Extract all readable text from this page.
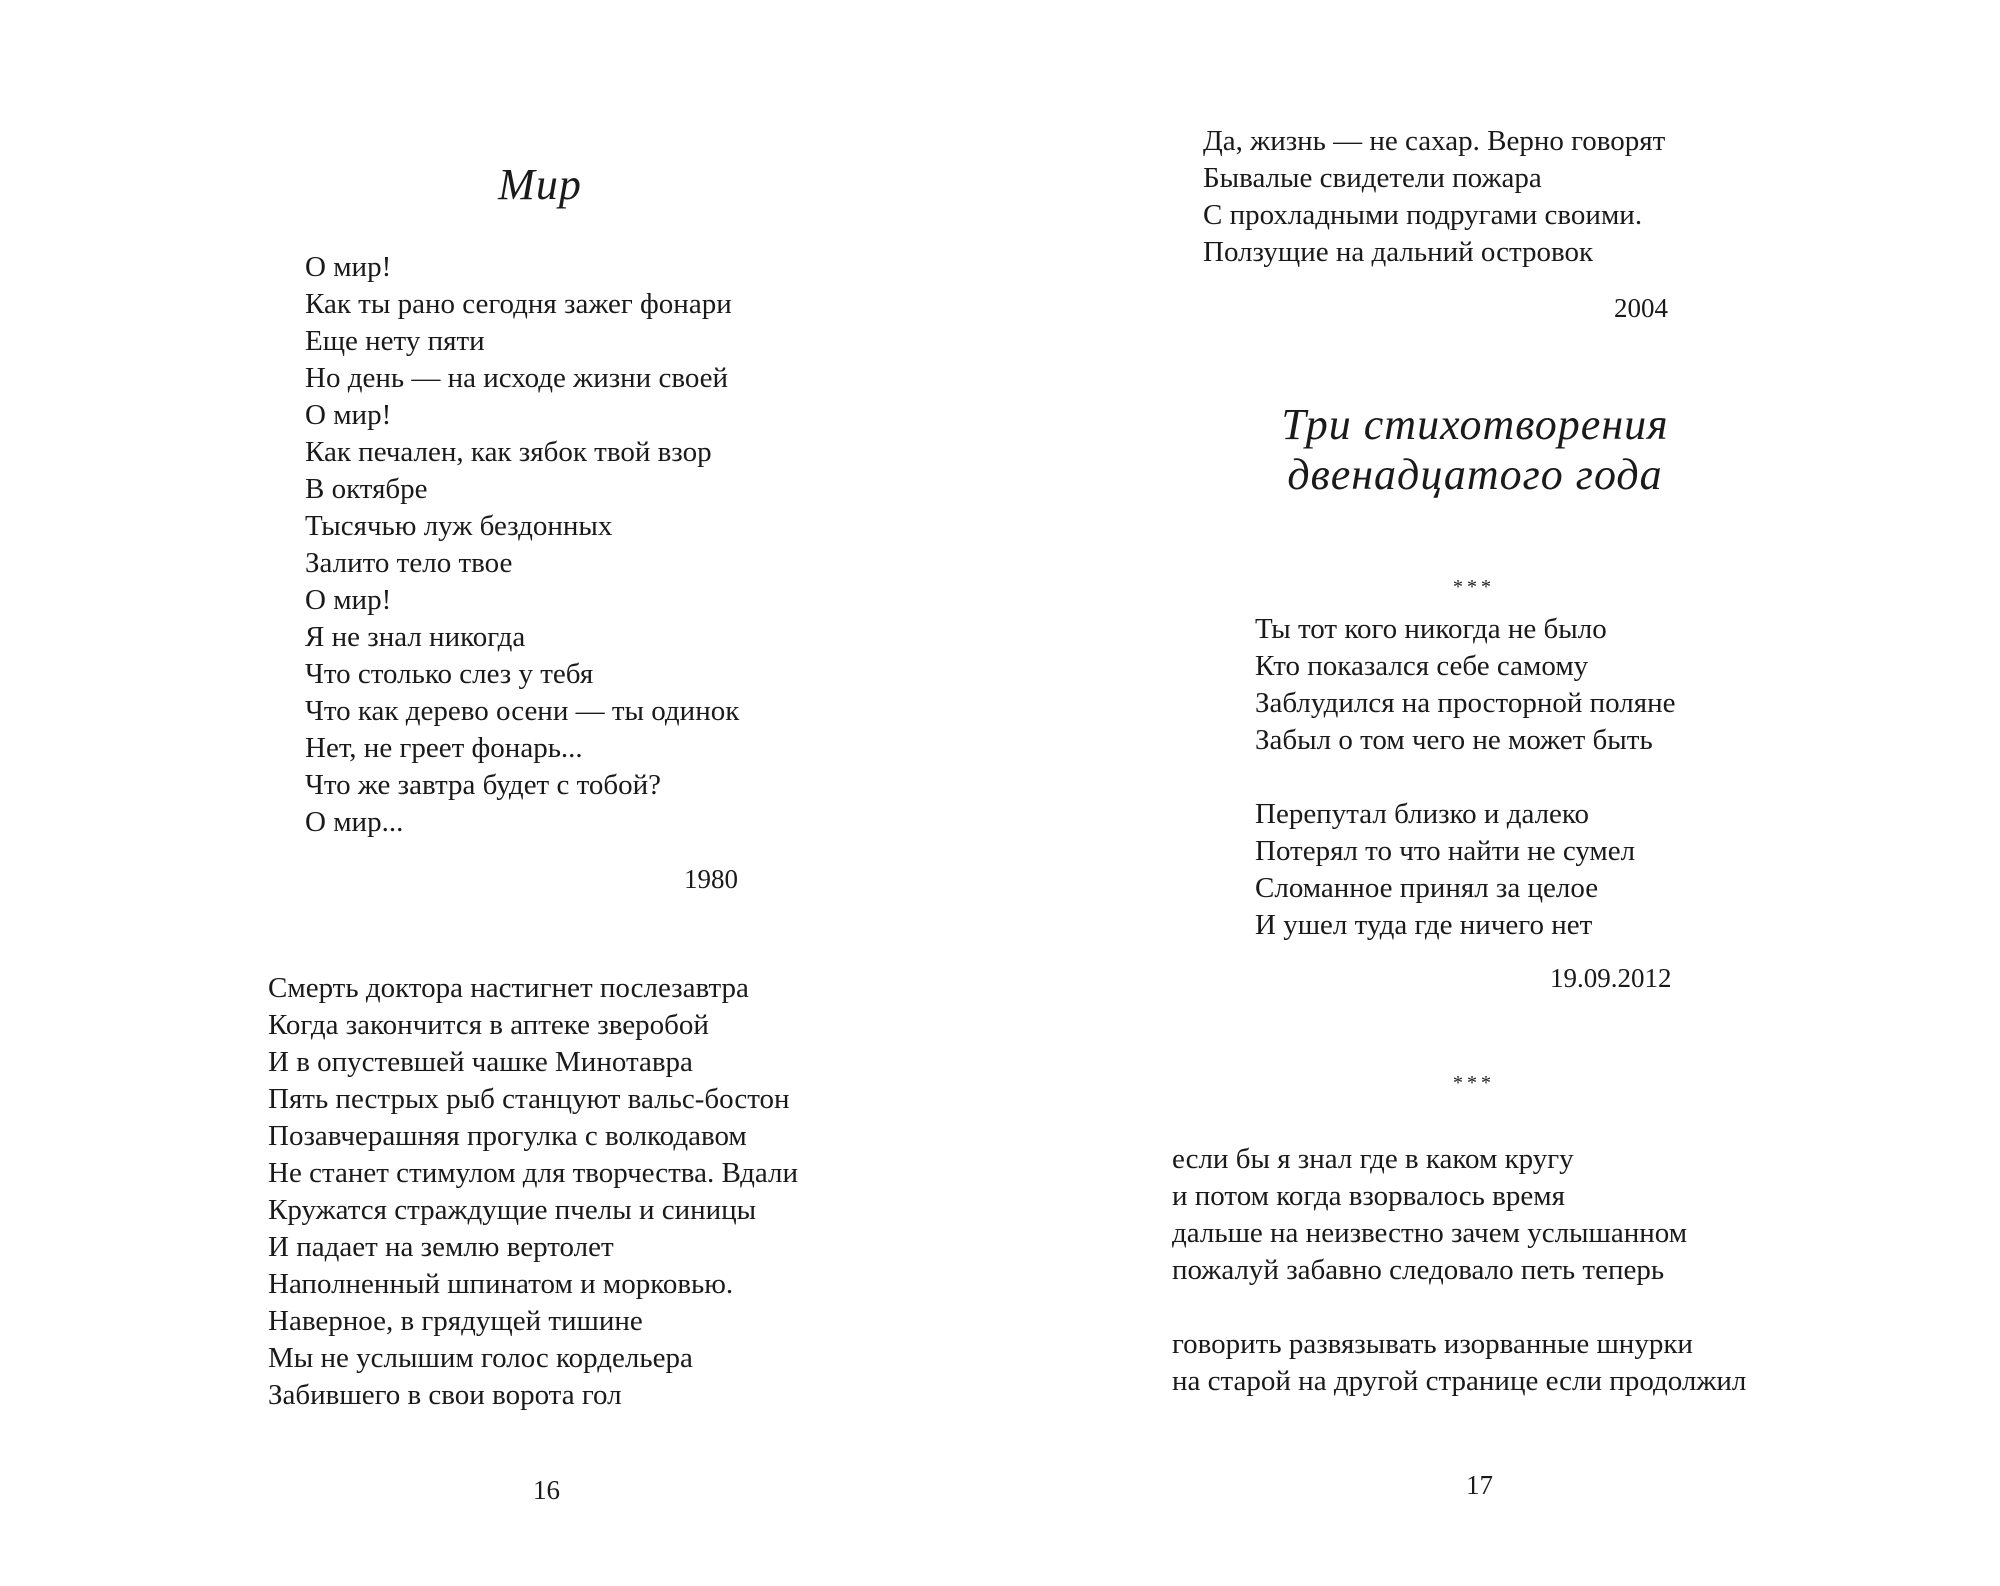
Мир
О мир!
Как ты рано сегодня зажег фонари
Еще нету пяти
Но день — на исходе жизни своей
О мир!
Как печален, как зябок твой взор
В октябре
Тысячью луж бездонных
Залито тело твое
О мир!
Я не знал никогда
Что столько слез у тебя
Что как дерево осени — ты одинок
Нет, не греет фонарь...
Что же завтра будет с тобой?
О мир...
1980
Смерть доктора настигнет послезавтра
Когда закончится в аптеке зверобой
И в опустевшей чашке Минотавра
Пять пестрых рыб станцуют вальс-бостон
Позавчерашняя прогулка с волкодавом
Не станет стимулом для творчества. Вдали
Кружатся страждущие пчелы и синицы
И падает на землю вертолет
Наполненный шпинатом и морковью.
Наверное, в грядущей тишине
Мы не услышим голос кордельера
Забившего в свои ворота гол
16
Да, жизнь — не сахар. Верно говорят
Бывалые свидетели пожара
С прохладными подругами своими.
Ползущие на дальний островок
2004
Три стихотворения
двенадцатого года
***
Ты тот кого никогда не было
Кто показался себе самому
Заблудился на просторной поляне
Забыл о том чего не может быть
Перепутал близко и далеко
Потерял то что найти не сумел
Сломанное принял за целое
И ушел туда где ничего нет
19.09.2012
***
если бы я знал где в каком кругу
и потом когда взорвалось время
дальше на неизвестно зачем услышанном
пожалуй забавно следовало петь теперь
говорить развязывать изорванные шнурки
на старой на другой странице если продолжил
17
